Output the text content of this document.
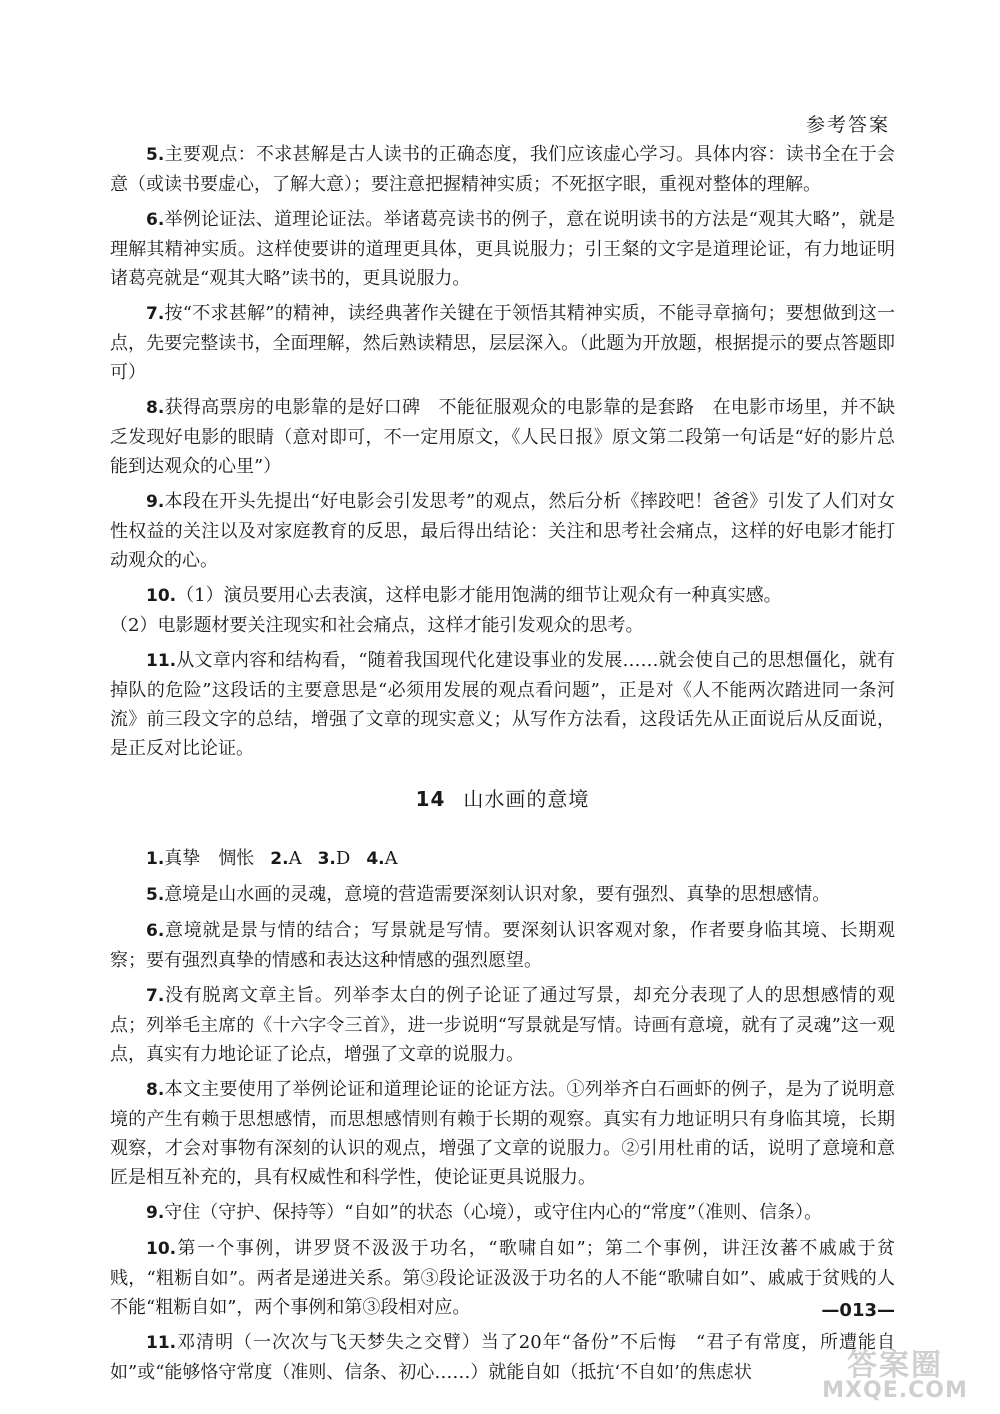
参考答案

5.主要观点：不求甚解是古人读书的正确态度，我们应该虚心学习。具体内容：读书全在于会意（或读书要虚心，了解大意）；要注意把握精神实质；不死抠字眼，重视对整体的理解。

6.举例论证法、道理论证法。举诸葛亮读书的例子，意在说明读书的方法是“观其大略”，就是理解其精神实质。这样使要讲的道理更具体，更具说服力；引王粲的文字是道理论证，有力地证明诸葛亮就是“观其大略”读书的，更具说服力。

7.按“不求甚解”的精神，读经典著作关键在于领悟其精神实质，不能寻章摘句；要想做到这一点，先要完整读书，全面理解，然后熟读精思，层层深入。（此题为开放题，根据提示的要点答题即可）

8.获得高票房的电影靠的是好口碑　不能征服观众的电影靠的是套路　在电影市场里，并不缺乏发现好电影的眼睛（意对即可，不一定用原文，《人民日报》原文第二段第一句话是“好的影片总能到达观众的心里”）

9.本段在开头先提出“好电影会引发思考”的观点，然后分析《摔跤吧！爸爸》引发了人们对女性权益的关注以及对家庭教育的反思，最后得出结论：关注和思考社会痛点，这样的好电影才能打动观众的心。

10.（1）演员要用心去表演，这样电影才能用饱满的细节让观众有一种真实感。

（2）电影题材要关注现实和社会痛点，这样才能引发观众的思考。

11.从文章内容和结构看，“随着我国现代化建设事业的发展……就会使自己的思想僵化，就有掉队的危险”这段话的主要意思是“必须用发展的观点看问题”，正是对《人不能两次踏进同一条河流》前三段文字的总结，增强了文章的现实意义；从写作方法看，这段话先从正面说后从反面说，是正反对比论证。

14 山水画的意境

1.真挚　惆怅 2.A 3.D 4.A

5.意境是山水画的灵魂，意境的营造需要深刻认识对象，要有强烈、真挚的思想感情。

6.意境就是景与情的结合；写景就是写情。要深刻认识客观对象，作者要身临其境、长期观察；要有强烈真挚的情感和表达这种情感的强烈愿望。

7.没有脱离文章主旨。列举李太白的例子论证了通过写景，却充分表现了人的思想感情的观点；列举毛主席的《十六字令三首》，进一步说明“写景就是写情。诗画有意境，就有了灵魂”这一观点，真实有力地论证了论点，增强了文章的说服力。

8.本文主要使用了举例论证和道理论证的论证方法。①列举齐白石画虾的例子，是为了说明意境的产生有赖于思想感情，而思想感情则有赖于长期的观察。真实有力地证明只有身临其境，长期观察，才会对事物有深刻的认识的观点，增强了文章的说服力。②引用杜甫的话，说明了意境和意匠是相互补充的，具有权威性和科学性，使论证更具说服力。

9.守住（守护、保持等）“自如”的状态（心境），或守住内心的“常度”（准则、信条）。

10.第一个事例，讲罗贤不汲汲于功名，“歌啸自如”；第二个事例，讲汪汝蕃不戚戚于贫贱，“粗粝自如”。两者是递进关系。第③段论证汲汲于功名的人不能“歌啸自如”、戚戚于贫贱的人不能“粗粝自如”，两个事例和第③段相对应。

11.邓清明（一次次与飞天梦失之交臂）当了20年“备份”不后悔　“君子有常度，所遭能自如”或“能够恪守常度（准则、信条、初心……）就能自如（抵抗‘不自如’的焦虑状

—013—
答案圈
MXQE.COM
